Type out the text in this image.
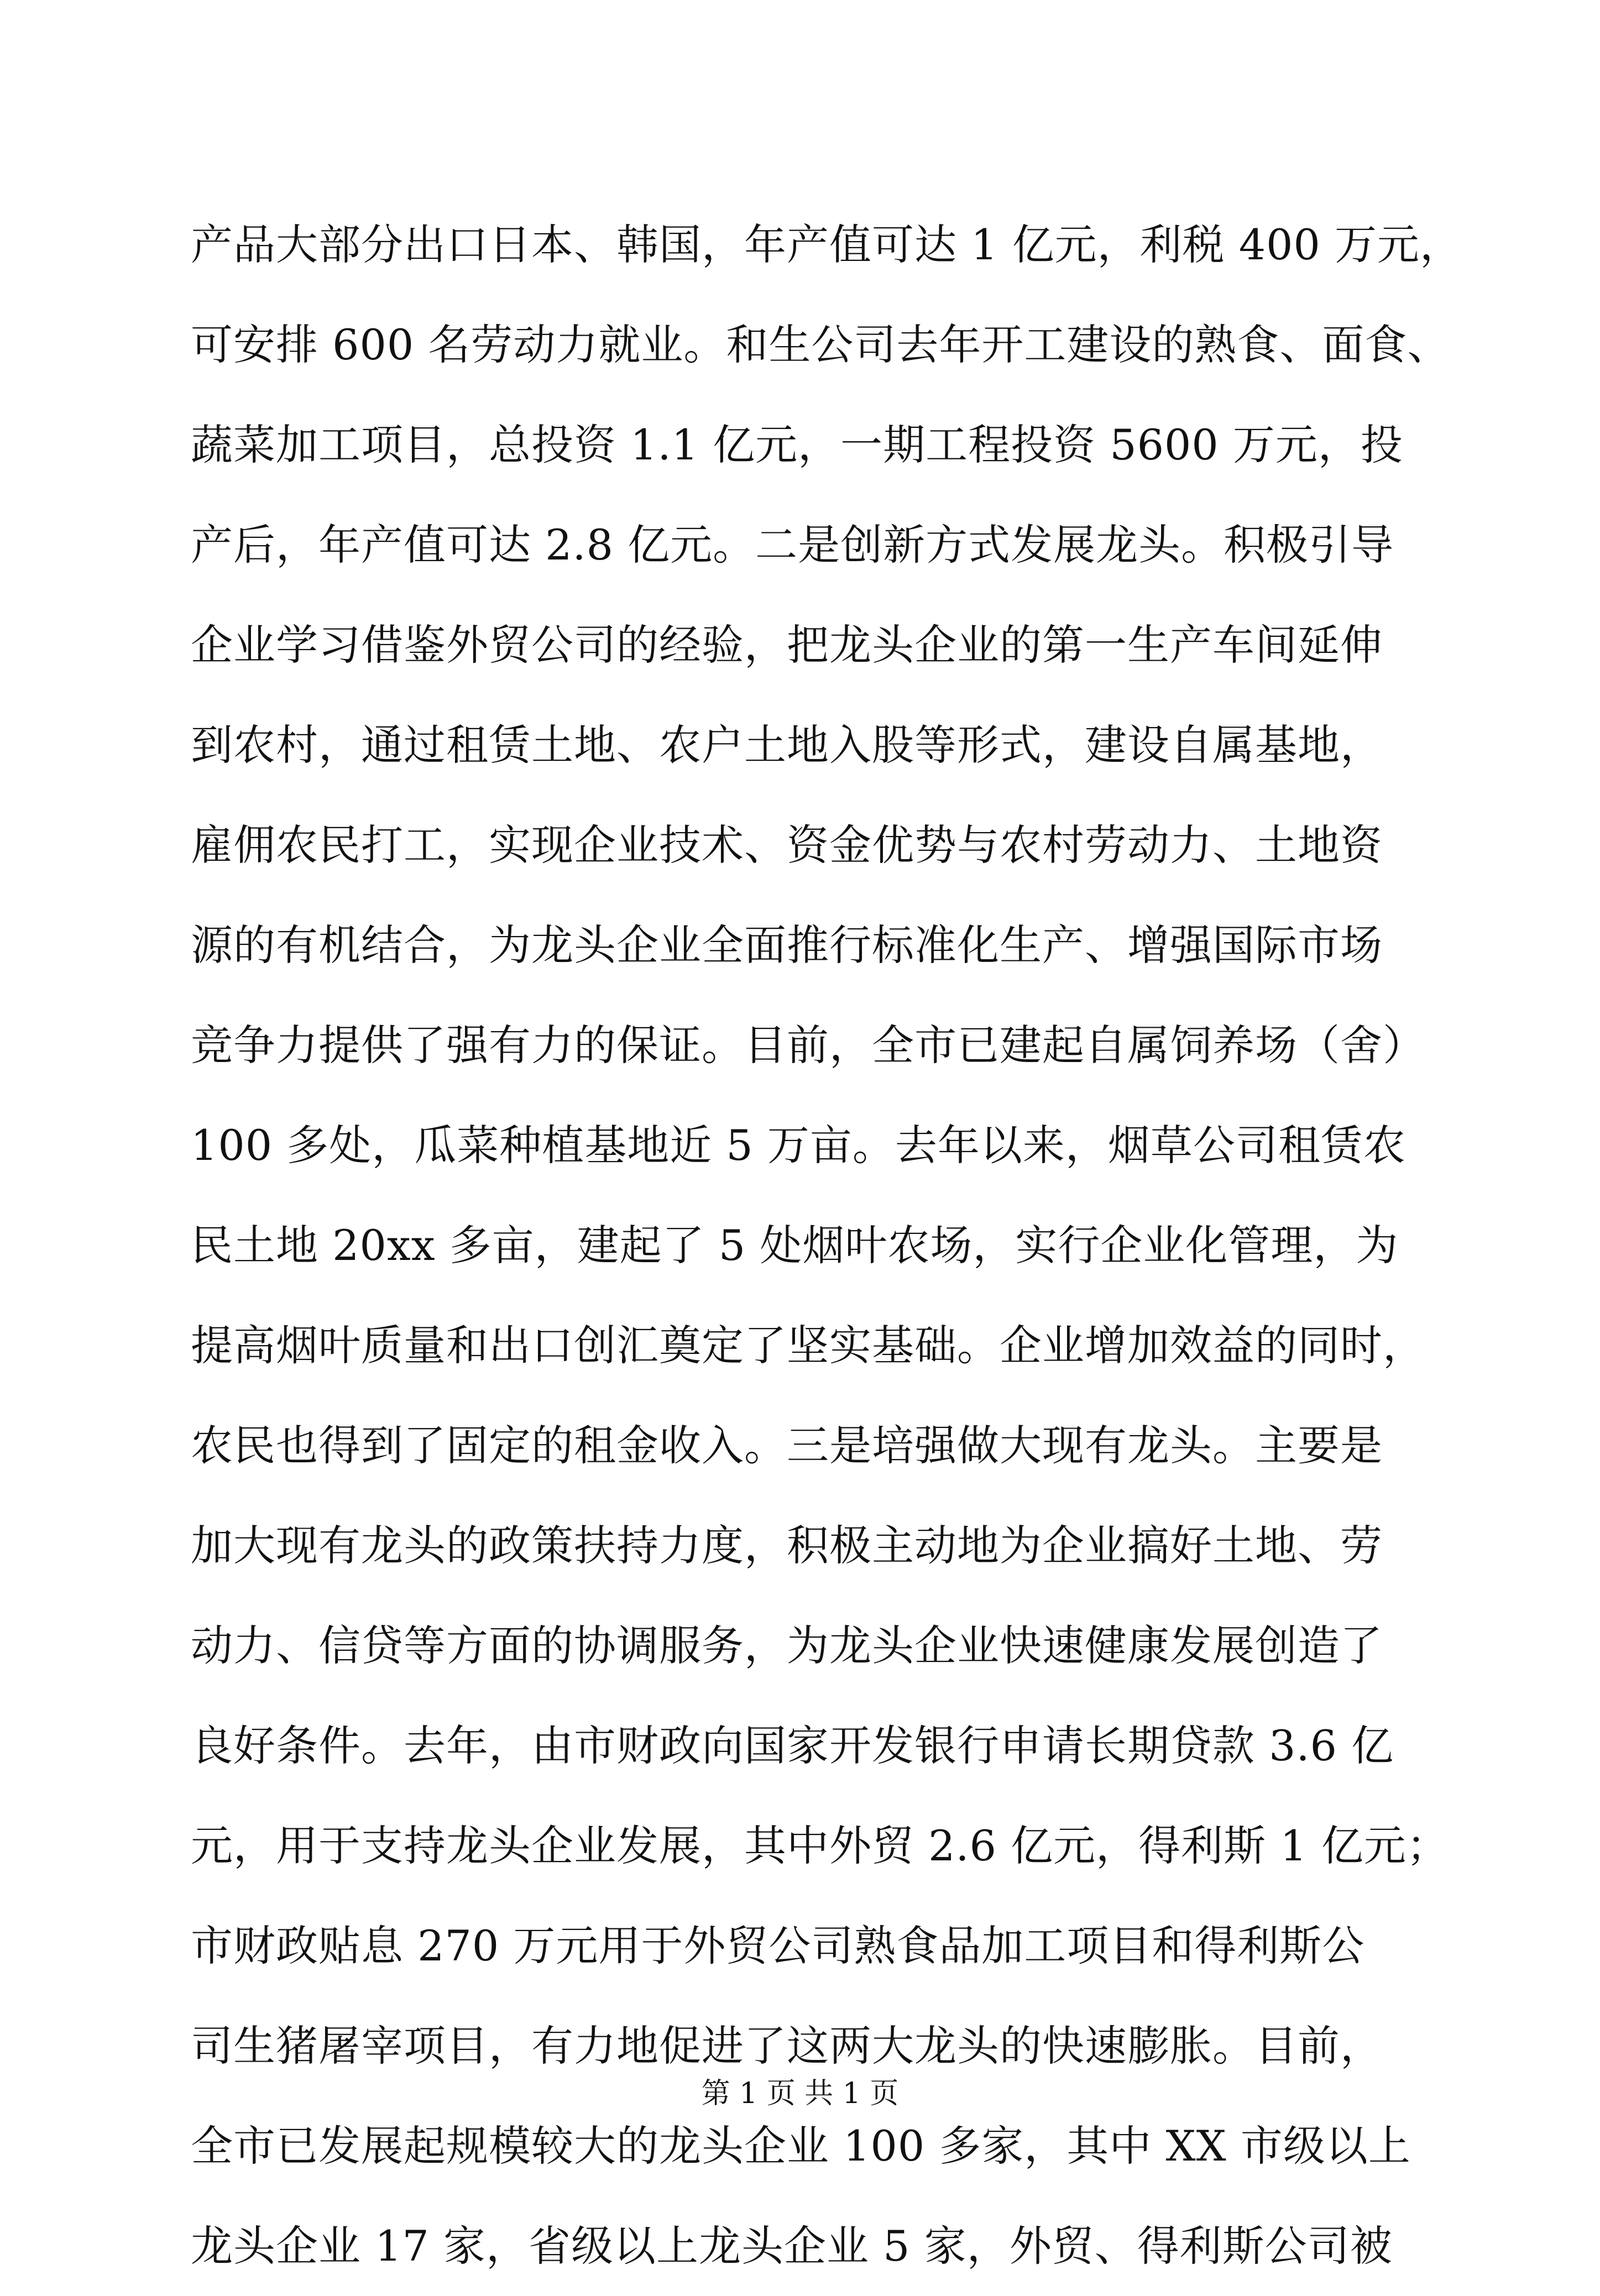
产品大部分出口日本、韩国，年产值可达 1 亿元，利税 400 万元，
可安排 600 名劳动力就业。和生公司去年开工建设的熟食、面食、
蔬菜加工项目，总投资 1.1 亿元，一期工程投资 5600 万元，投
产后，年产值可达 2.8 亿元。二是创新方式发展龙头。积极引导
企业学习借鉴外贸公司的经验，把龙头企业的第一生产车间延伸
到农村，通过租赁土地、农户土地入股等形式，建设自属基地，
雇佣农民打工，实现企业技术、资金优势与农村劳动力、土地资
源的有机结合，为龙头企业全面推行标准化生产、增强国际市场
竞争力提供了强有力的保证。目前，全市已建起自属饲养场（舍）
100 多处，瓜菜种植基地近 5 万亩。去年以来，烟草公司租赁农
民土地 20xx 多亩，建起了 5 处烟叶农场，实行企业化管理，为
提高烟叶质量和出口创汇奠定了坚实基础。企业增加效益的同时，
农民也得到了固定的租金收入。三是培强做大现有龙头。主要是
加大现有龙头的政策扶持力度，积极主动地为企业搞好土地、劳
动力、信贷等方面的协调服务，为龙头企业快速健康发展创造了
良好条件。去年，由市财政向国家开发银行申请长期贷款 3.6 亿
元，用于支持龙头企业发展，其中外贸 2.6 亿元，得利斯 1 亿元；
市财政贴息 270 万元用于外贸公司熟食品加工项目和得利斯公
司生猪屠宰项目，有力地促进了这两大龙头的快速膨胀。目前，
全市已发展起规模较大的龙头企业 100 多家，其中 XX 市级以上
龙头企业 17 家，省级以上龙头企业 5 家，外贸、得利斯公司被
第 1 页 共 1 页
